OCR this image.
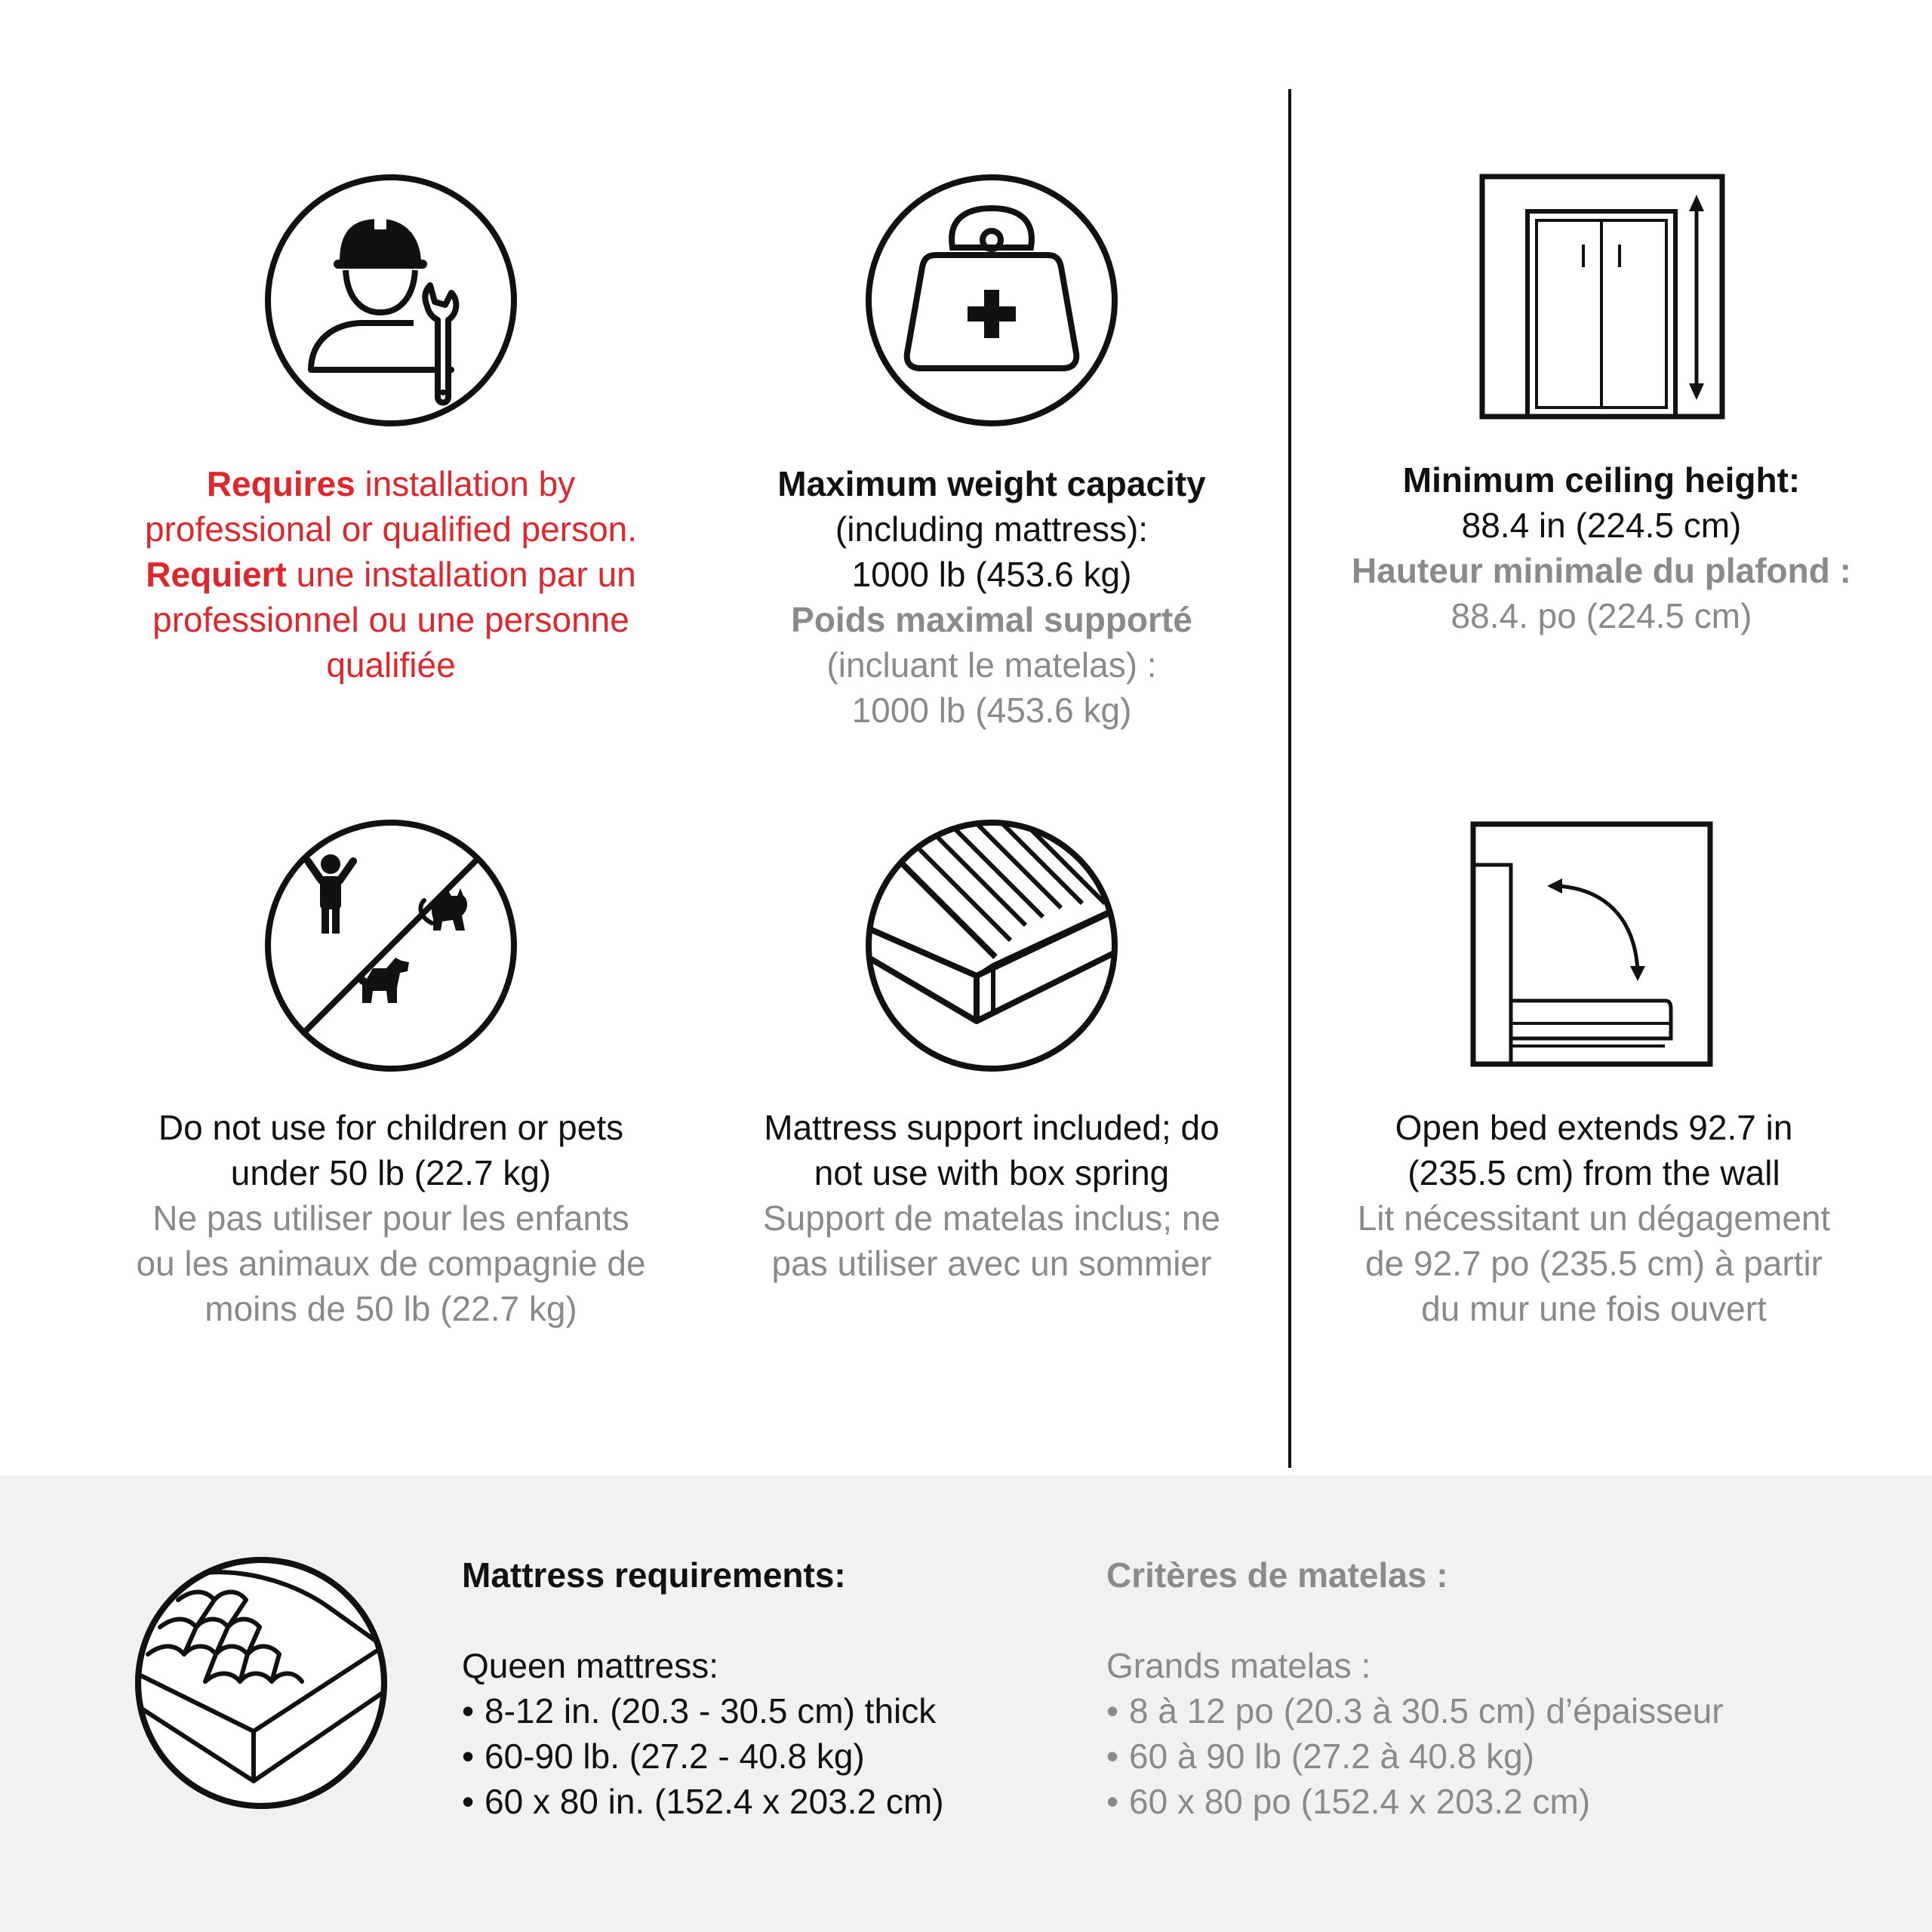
Requires installation by
professional or qualified person.
Requiert une installation par un
professionnel ou une personne
qualifiée
Maximum weight capacity
(including mattress):
1000 lb (453.6 kg)
Poids maximal supporté
(incluant le matelas) :
1000 lb (453.6 kg)
Minimum ceiling height:
88.4 in (224.5 cm)
Hauteur minimale du plafond :
88.4. po (224.5 cm)
Do not use for children or pets
under 50 lb (22.7 kg)
Ne pas utiliser pour les enfants
ou les animaux de compagnie de
moins de 50 lb (22.7 kg)
Mattress support included; do
not use with box spring
Support de matelas inclus; ne
pas utiliser avec un sommier
Open bed extends 92.7 in
(235.5 cm) from the wall
Lit nécessitant un dégagement
de 92.7 po (235.5 cm) à partir
du mur une fois ouvert
Mattress requirements:
Queen mattress:
• 8-12 in. (20.3 - 30.5 cm) thick
• 60-90 lb. (27.2 - 40.8 kg)
• 60 x 80 in. (152.4 x 203.2 cm)
Critères de matelas :
Grands matelas :
• 8 à 12 po (20.3 à 30.5 cm) d’épaisseur
• 60 à 90 lb (27.2 à 40.8 kg)
• 60 x 80 po (152.4 x 203.2 cm)
